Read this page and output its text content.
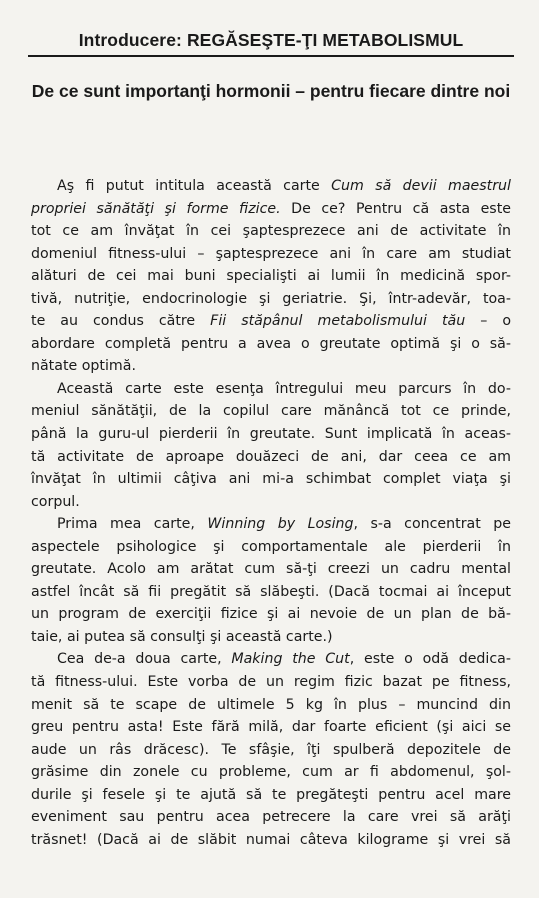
Introducere: REGĂSEŞTE-ŢI METABOLISMUL
De ce sunt importanţi hormonii – pentru fiecare dintre noi

Aş fi putut intitula această carte Cum să devii maestrul
propriei sănătăţi şi forme fizice. De ce? Pentru că asta este
tot ce am învăţat în cei şaptesprezece ani de activitate în
domeniul fitness-ului – şaptesprezece ani în care am studiat
alături de cei mai buni specialişti ai lumii în medicină spor-
tivă, nutriţie, endocrinologie şi geriatrie. Şi, într-adevăr, toa-
te au condus către Fii stăpânul metabolismului tău – o
abordare completă pentru a avea o greutate optimă şi o să-
nătate optimă.

Această carte este esenţa întregului meu parcurs în do-
meniul sănătăţii, de la copilul care mănâncă tot ce prinde,
până la guru-ul pierderii în greutate. Sunt implicată în aceas-
tă activitate de aproape douăzeci de ani, dar ceea ce am
învăţat în ultimii câţiva ani mi-a schimbat complet viaţa şi
corpul.

Prima mea carte, Winning by Losing, s-a concentrat pe
aspectele psihologice şi comportamentale ale pierderii în
greutate. Acolo am arătat cum să-ţi creezi un cadru mental
astfel încât să fii pregătit să slăbeşti. (Dacă tocmai ai început
un program de exerciţii fizice şi ai nevoie de un plan de bă-
taie, ai putea să consulţi şi această carte.)

Cea de-a doua carte, Making the Cut, este o odă dedica-
tă fitness-ului. Este vorba de un regim fizic bazat pe fitness,
menit să te scape de ultimele 5 kg în plus – muncind din
greu pentru asta! Este fără milă, dar foarte eficient (şi aici se
aude un râs drăcesc). Te sfâşie, îţi spulberă depozitele de
grăsime din zonele cu probleme, cum ar fi abdomenul, şol-
durile şi fesele şi te ajută să te pregăteşti pentru acel mare
eveniment sau pentru acea petrecere la care vrei să arăţi
trăsnet! (Dacă ai de slăbit numai câteva kilograme şi vrei să
